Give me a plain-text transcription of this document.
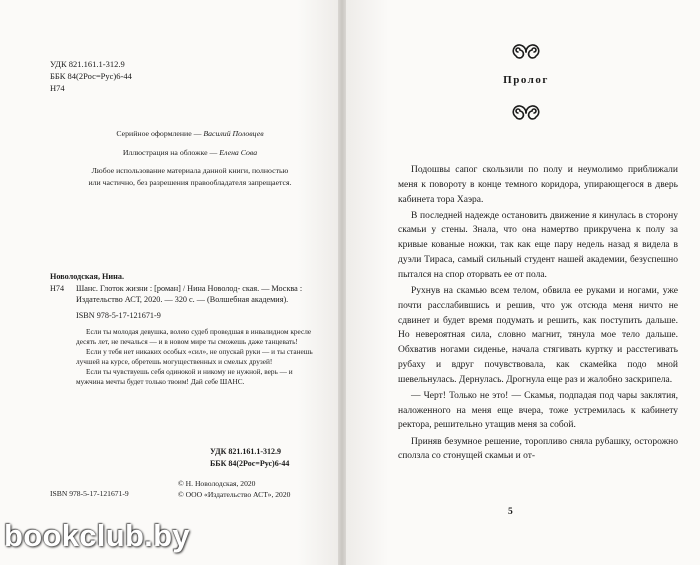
УДК 821.161.1-312.9
ББК 84(2Рос=Рус)6-44
Н74
Серийное оформление — Василий Половцев
Иллюстрация на обложке — Елена Сова
Любое использование материала данной книги, полностью
или частично, без разрешения правообладателя запрещается.
Новолодская, Нина.
Н74 Шанс. Глоток жизни : [роман] / Нина Новолод- ская. — Москва : Издательство АСТ, 2020. — 320 с. — (Волшебная академия).
ISBN 978-5-17-121671-9

Если ты молодая девушка, волею судеб проведшая в инвалидном кресле десять лет, не печалься — и в новом мире ты сможешь даже танцевать!

Если у тебя нет никаких особых «сил», не опускай руки — и ты станешь лучшей на курсе, обретешь могущественных и смелых друзей!

Если ты чувствуешь себя одинокой и никому не нужной, верь — и мужчина мечты будет только твоим! Дай себе ШАНС.

УДК 821.161.1-312.9
ББК 84(2Рос=Рус)6-44
ISBN 978-5-17-121671-9
© Н. Новолодская, 2020
© ООО «Издательство АСТ», 2020
bookclub.by
Пролог

Подошвы сапог скользили по полу и неумолимо приближали меня к повороту в конце темного коридора, упирающегося в дверь кабинета тора Хаэра.

В последней надежде остановить движение я кинулась в сторону скамьи у стены. Знала, что она намертво прикручена к полу за кривые кованые ножки, так как еще пару недель назад я видела в дуэли Тираса, самый сильный студент нашей академии, безуспешно пытался на спор оторвать ее от пола.

Рухнув на скамью всем телом, обвила ее руками и ногами, уже почти расслабившись и решив, что уж отсюда меня ничто не сдвинет и будет время подумать и решить, как поступить дальше. Но невероятная сила, словно магнит, тянула мое тело дальше. Обхватив ногами сиденье, начала стягивать куртку и расстегивать рубаху и вдруг почувствовала, как скамейка подо мной шевельнулась. Дернулась. Дрогнула еще раз и жалобно заскрипела.

— Черт! Только не это! — Скамья, подпадая под чары заклятия, наложенного на меня еще вчера, тоже устремилась к кабинету ректора, решительно утащив меня за собой.

Приняв безумное решение, торопливо сняла рубашку, осторожно сползла со стонущей скамьи и от-

5
